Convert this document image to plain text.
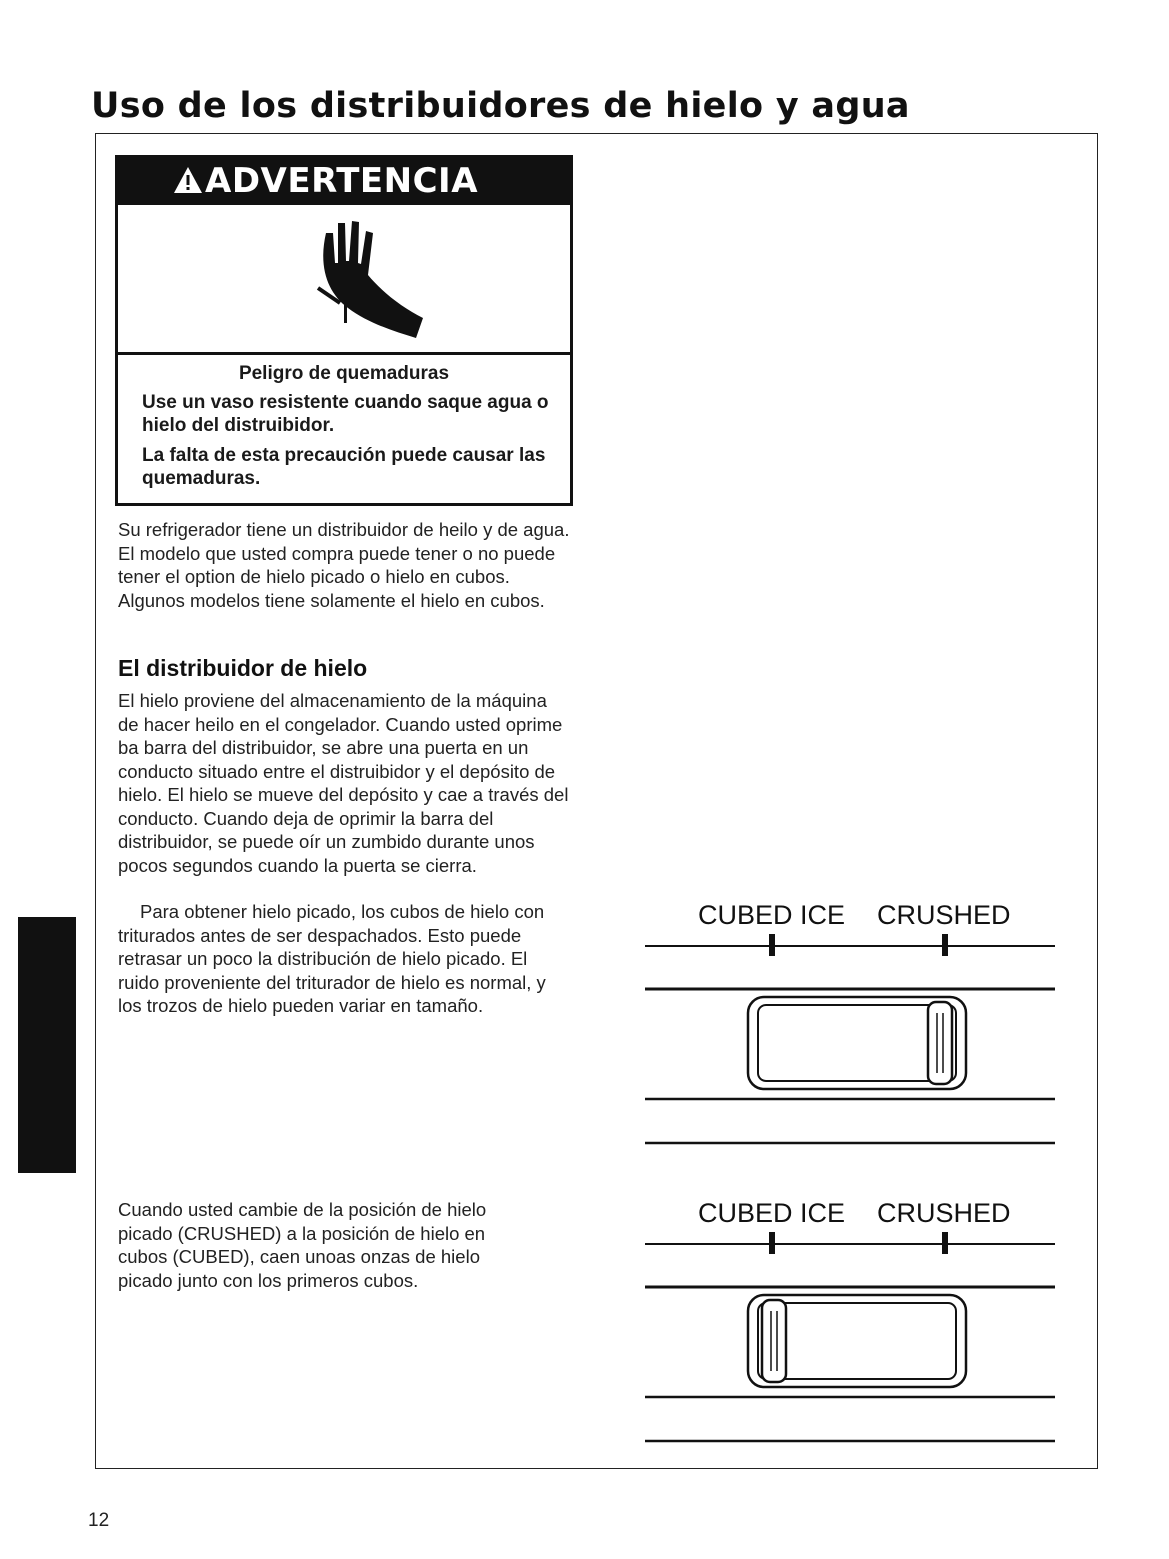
Uso de los distribuidores de hielo y agua
ADVERTENCIA
Peligro de quemaduras

Use un vaso resistente cuando saque agua o hielo del distruibidor.

La falta de esta precaución puede causar las quemaduras.

Su refrigerador tiene un distribuidor de heilo y de agua. El modelo que usted compra puede tener o no puede tener el option de hielo picado o hielo en cubos. Algunos modelos tiene solamente el hielo en cubos.

El distribuidor de hielo

El hielo proviene del almacenamiento de la máquina de hacer heilo en el congelador. Cuando usted oprime ba barra del distribuidor, se abre una puerta en un conducto situado entre el distruibidor y el depósito de hielo. El hielo se mueve del depósito y cae a través del conducto. Cuando deja de oprimir la barra del distribuidor, se puede oír un zumbido durante unos pocos segundos cuando la puerta se cierra.

Para obtener hielo picado, los cubos de hielo con triturados antes de ser despachados. Esto puede retrasar un poco la distribución de hielo picado. El ruido proveniente del triturador de hielo es normal, y los trozos de hielo pueden variar en tamaño.

Cuando usted cambie de la posición de hielo picado (CRUSHED) a la posición de hielo en cubos (CUBED), caen unoas onzas de hielo picado junto con los primeros cubos.

CUBED ICE CRUSHED
CUBED ICE CRUSHED
12
